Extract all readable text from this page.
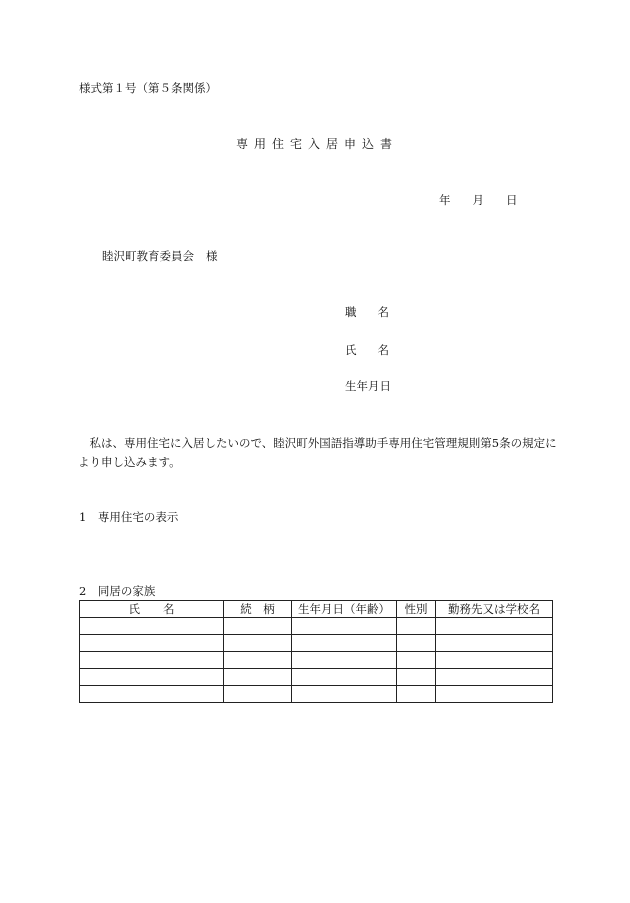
様式第１号（第５条関係）
専用住宅入居申込書
年 月 日
睦沢町教育委員会 様
職 名
氏 名
生年月日
　私は、専用住宅に入居したいので、睦沢町外国語指導助手専用住宅管理規則第5条の規定により申し込みます。
1　専用住宅の表示
2　同居の家族
氏　　名	続　柄	生年月日（年齢）	性別	勤務先又は学校名
